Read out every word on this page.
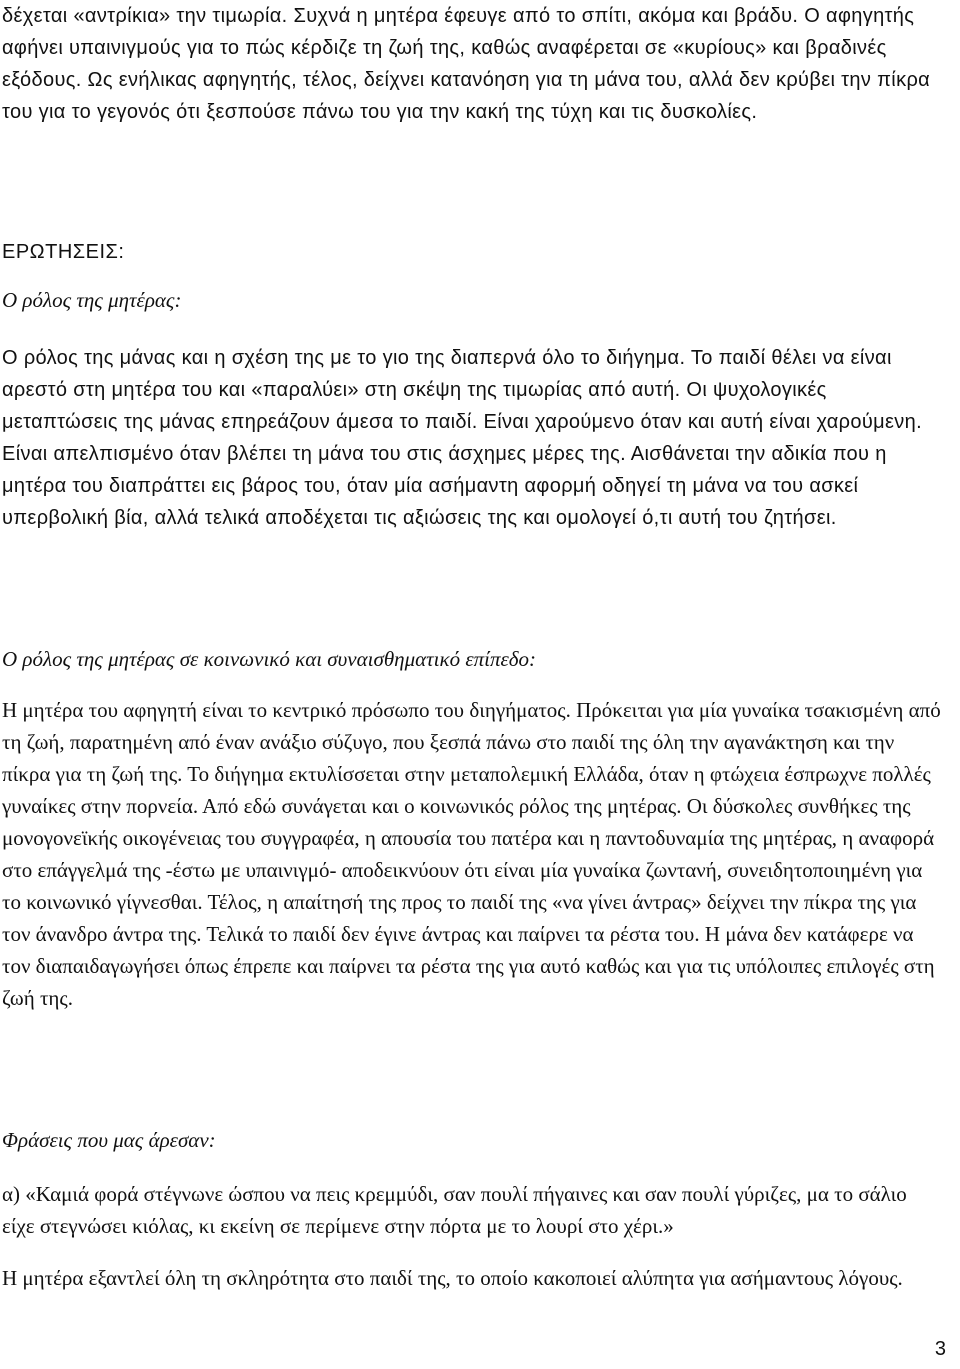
δέχεται «αντρίκια» την τιμωρία. Συχνά η μητέρα έφευγε από το σπίτι, ακόμα και βράδυ. Ο αφηγητής αφήνει υπαινιγμούς για το πώς κέρδιζε τη ζωή της, καθώς αναφέρεται σε «κυρίους» και βραδινές εξόδους. Ως ενήλικας αφηγητής, τέλος, δείχνει κατανόηση για τη μάνα του, αλλά δεν κρύβει την πίκρα του για το γεγονός ότι ξεσπούσε πάνω του για την κακή της τύχη και τις δυσκολίες.

ΕΡΩΤΗΣΕΙΣ:

Ο ρόλος της μητέρας:

Ο ρόλος της μάνας και η σχέση της με το γιο της διαπερνά όλο το διήγημα. Το παιδί θέλει να είναι αρεστό στη μητέρα του και «παραλύει» στη σκέψη της τιμωρίας από αυτή. Οι ψυχολογικές μεταπτώσεις της μάνας επηρεάζουν άμεσα το παιδί. Είναι χαρούμενο όταν και αυτή είναι χαρούμενη. Είναι απελπισμένο όταν βλέπει τη μάνα του στις άσχημες μέρες της. Αισθάνεται την αδικία που η μητέρα του διαπράττει εις βάρος του, όταν μία ασήμαντη αφορμή οδηγεί τη μάνα να του ασκεί υπερβολική βία, αλλά τελικά αποδέχεται τις αξιώσεις της και ομολογεί ό,τι αυτή του ζητήσει.

Ο ρόλος της μητέρας σε κοινωνικό και συναισθηματικό επίπεδο:

Η μητέρα του αφηγητή είναι το κεντρικό πρόσωπο του διηγήματος. Πρόκειται για μία γυναίκα τσακισμένη από τη ζωή, παρατημένη από έναν ανάξιο σύζυγο, που ξεσπά πάνω στο παιδί της όλη την αγανάκτηση και την πίκρα για τη ζωή της. Το διήγημα εκτυλίσσεται στην μεταπολεμική Ελλάδα, όταν η φτώχεια έσπρωχνε πολλές γυναίκες στην πορνεία. Από εδώ συνάγεται και ο κοινωνικός ρόλος της μητέρας. Οι δύσκολες συνθήκες της μονογονεϊκής οικογένειας του συγγραφέα, η απουσία του πατέρα και η παντοδυναμία της μητέρας, η αναφορά στο επάγγελμά της -έστω με υπαινιγμό- αποδεικνύουν ότι είναι μία γυναίκα ζωντανή, συνειδητοποιημένη για το κοινωνικό γίγνεσθαι. Τέλος, η απαίτησή της προς το παιδί της «να γίνει άντρας» δείχνει την πίκρα της για τον άνανδρο άντρα της. Τελικά το παιδί δεν έγινε άντρας και παίρνει τα ρέστα του. Η μάνα δεν κατάφερε να τον διαπαιδαγωγήσει όπως έπρεπε και παίρνει τα ρέστα της για αυτό καθώς και για τις υπόλοιπες επιλογές στη ζωή της.

Φράσεις που μας άρεσαν:

α) «Καμιά φορά στέγνωνε ώσπου να πεις κρεμμύδι, σαν πουλί πήγαινες και σαν πουλί γύριζες, μα το σάλιο είχε στεγνώσει κιόλας, κι εκείνη σε περίμενε στην πόρτα με το λουρί στο χέρι.»

Η μητέρα εξαντλεί όλη τη σκληρότητα στο παιδί της, το οποίο κακοποιεί αλύπητα για ασήμαντους λόγους.

3
